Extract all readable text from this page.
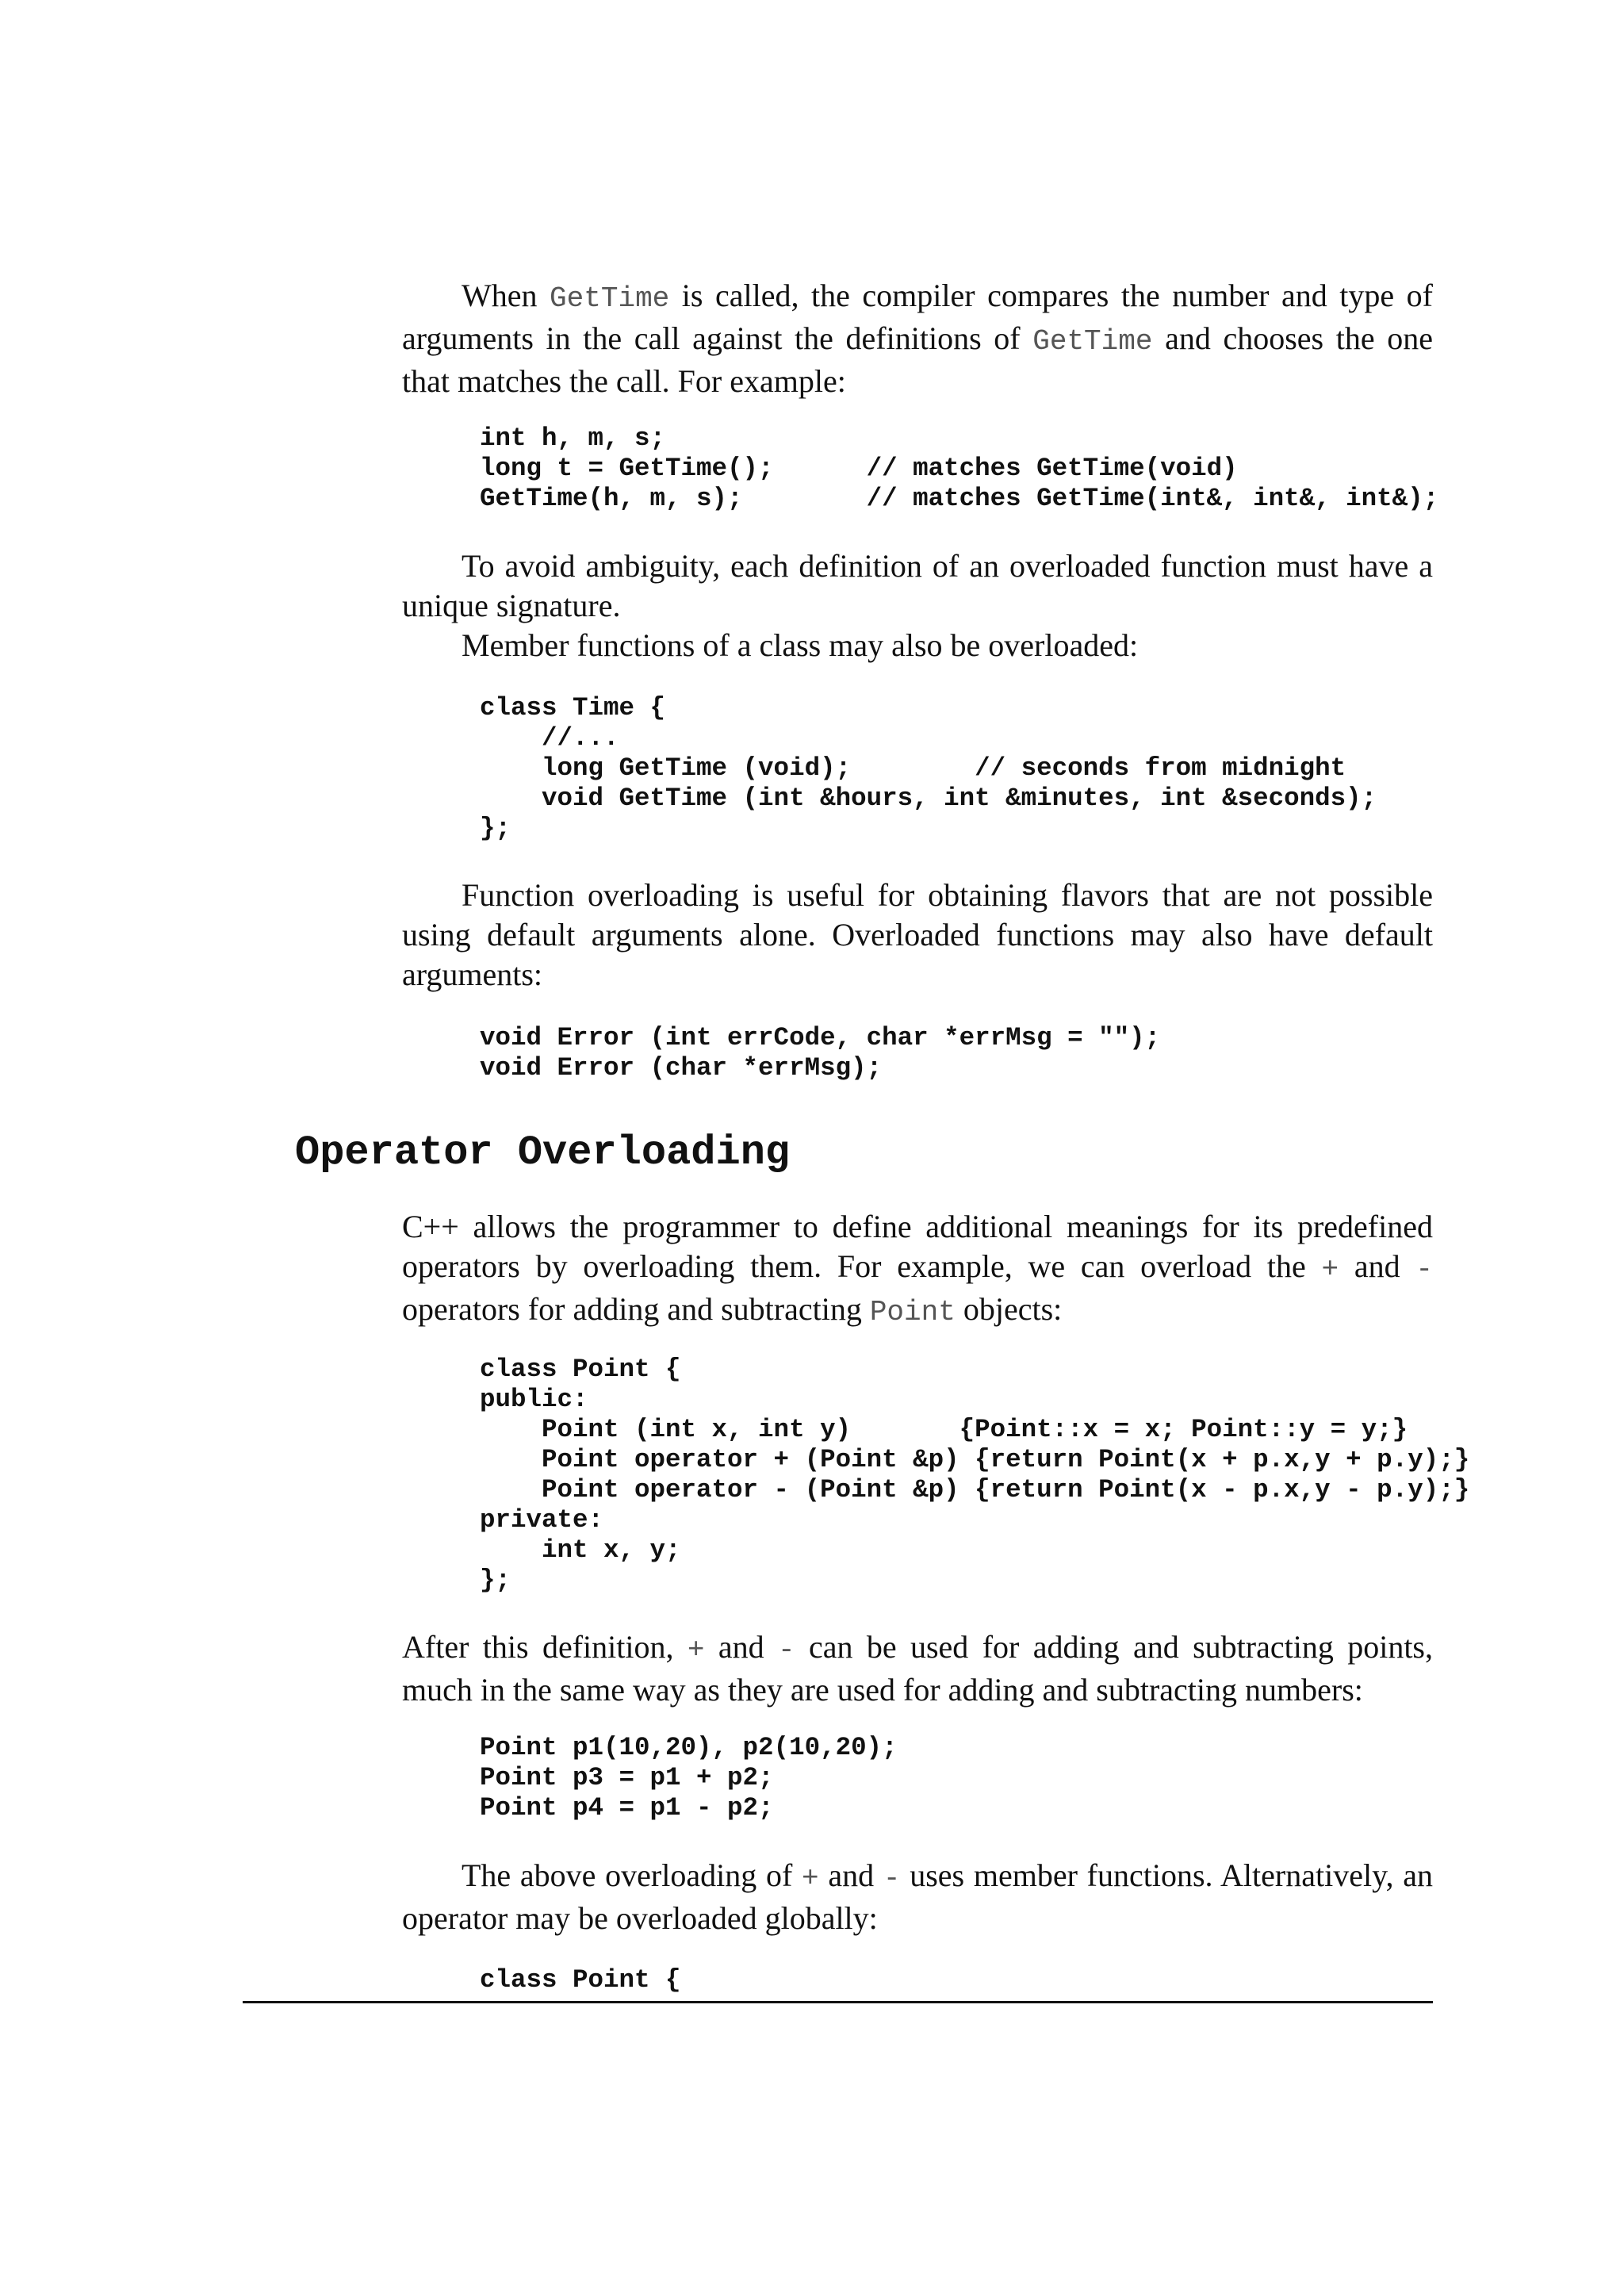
When GetTime is called, the compiler compares the number and type of arguments in the call against the definitions of GetTime and chooses the one that matches the call. For example:

int h, m, s;
long t = GetTime();      // matches GetTime(void)
GetTime(h, m, s);        // matches GetTime(int&, int&, int&);

To avoid ambiguity, each definition of an overloaded function must have a unique signature.

Member functions of a class may also be overloaded:

class Time {
//...
long GetTime (void);        // seconds from midnight
void GetTime (int &hours, int &minutes, int &seconds);
};

Function overloading is useful for obtaining flavors that are not possible using default arguments alone. Overloaded functions may also have default arguments:

void Error (int errCode, char *errMsg = "");
void Error (char *errMsg);
Operator Overloading

C++ allows the programmer to define additional meanings for its predefined operators by overloading them. For example, we can overload the + and - operators for adding and subtracting Point objects:

class Point {
public:
Point (int x, int y)       {Point::x = x; Point::y = y;}
Point operator + (Point &p) {return Point(x + p.x,y + p.y);}
Point operator - (Point &p) {return Point(x - p.x,y - p.y);}
private:
int x, y;
};

After this definition, + and - can be used for adding and subtracting points, much in the same way as they are used for adding and subtracting numbers:

Point p1(10,20), p2(10,20);
Point p3 = p1 + p2;
Point p4 = p1 - p2;

The above overloading of + and - uses member functions. Alternatively, an operator may be overloaded globally:

class Point {
